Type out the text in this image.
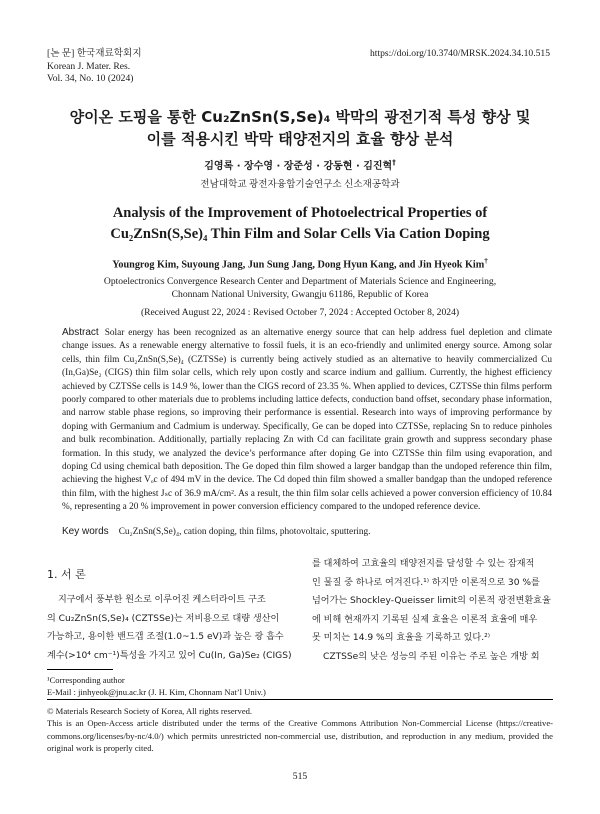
[논 문] 한국재료학회지
Korean J. Mater. Res.
Vol. 34, No. 10 (2024)
https://doi.org/10.3740/MRSK.2024.34.10.515
양이온 도핑을 통한 Cu₂ZnSn(S,Se)₄ 박막의 광전기적 특성 향상 및
이를 적용시킨 박막 태양전지의 효율 향상 분석
김영록 · 장수영 · 장준성 · 강동현 · 김진혁†
전남대학교 광전자융합기술연구소 신소재공학과
Analysis of the Improvement of Photoelectrical Properties of
Cu₂ZnSn(S,Se)₄ Thin Film and Solar Cells Via Cation Doping
Youngrog Kim, Suyoung Jang, Jun Sung Jang, Dong Hyun Kang, and Jin Hyeok Kim†
Optoelectronics Convergence Research Center and Department of Materials Science and Engineering,
Chonnam National University, Gwangju 61186, Republic of Korea
(Received August 22, 2024 : Revised October 7, 2024 : Accepted October 8, 2024)
Abstract Solar energy has been recognized as an alternative energy source that can help address fuel depletion and climate change issues. As a renewable energy alternative to fossil fuels, it is an eco-friendly and unlimited energy source. Among solar cells, thin film Cu₂ZnSn(S,Se)₄ (CZTSSe) is currently being actively studied as an alternative to heavily commercialized Cu (In,Ga)Se₂ (CIGS) thin film solar cells, which rely upon costly and scarce indium and gallium. Currently, the highest efficiency achieved by CZTSSe cells is 14.9 %, lower than the CIGS record of 23.35 %. When applied to devices, CZTSSe thin films perform poorly compared to other materials due to problems including lattice defects, conduction band offset, secondary phase information, and narrow stable phase regions, so improving their performance is essential. Research into ways of improving performance by doping with Germanium and Cadmium is underway. Specifically, Ge can be doped into CZTSSe, replacing Sn to reduce pinholes and bulk recombination. Additionally, partially replacing Zn with Cd can facilitate grain growth and suppress secondary phase formation. In this study, we analyzed the device’s performance after doping Ge into CZTSSe thin film using evaporation, and doping Cd using chemical bath deposition. The Ge doped thin film showed a larger bandgap than the undoped reference thin film, achieving the highest Vₒc of 494 mV in the device. The Cd doped thin film showed a smaller bandgap than the undoped reference thin film, with the highest Jₛc of 36.9 mA/cm². As a result, the thin film solar cells achieved a power conversion efficiency of 10.84 %, representing a 20 % improvement in power conversion efficiency compared to the undoped reference device.
Key words Cu₂ZnSn(S,Se)₄, cation doping, thin films, photovoltaic, sputtering.
1. 서 론
지구에서 풍부한 원소로 이루어진 케스터라이트 구조
의 Cu₂ZnSn(S,Se)₄ (CZTSSe)는 저비용으로 대량 생산이
가능하고, 용이한 밴드갭 조절(1.0~1.5 eV)과 높은 광 흡수
계수(>10⁴ cm⁻¹)특성을 가지고 있어 Cu(In, Ga)Se₂ (CIGS)
를 대체하여 고효율의 태양전지를 달성할 수 있는 잠재적
인 물질 중 하나로 여겨진다.¹⁾ 하지만 이론적으로 30 %를
넘어가는 Shockley-Queisser limit의 이론적 광전변환효율
에 비해 현재까지 기록된 실제 효율은 이론적 효율에 매우
못 미치는 14.9 %의 효율을 기록하고 있다.²⁾
CZTSSe의 낮은 성능의 주된 이유는 주로 높은 개방 회
¹Corresponding author
E-Mail : jinhyeok@jnu.ac.kr (J. H. Kim, Chonnam Nat’l Univ.)
© Materials Research Society of Korea, All rights reserved.
This is an Open-Access article distributed under the terms of the Creative Commons Attribution Non-Commercial License (https://creative-commons.org/licenses/by-nc/4.0/) which permits unrestricted non-commercial use, distribution, and reproduction in any medium, provided the original work is properly cited.
515
